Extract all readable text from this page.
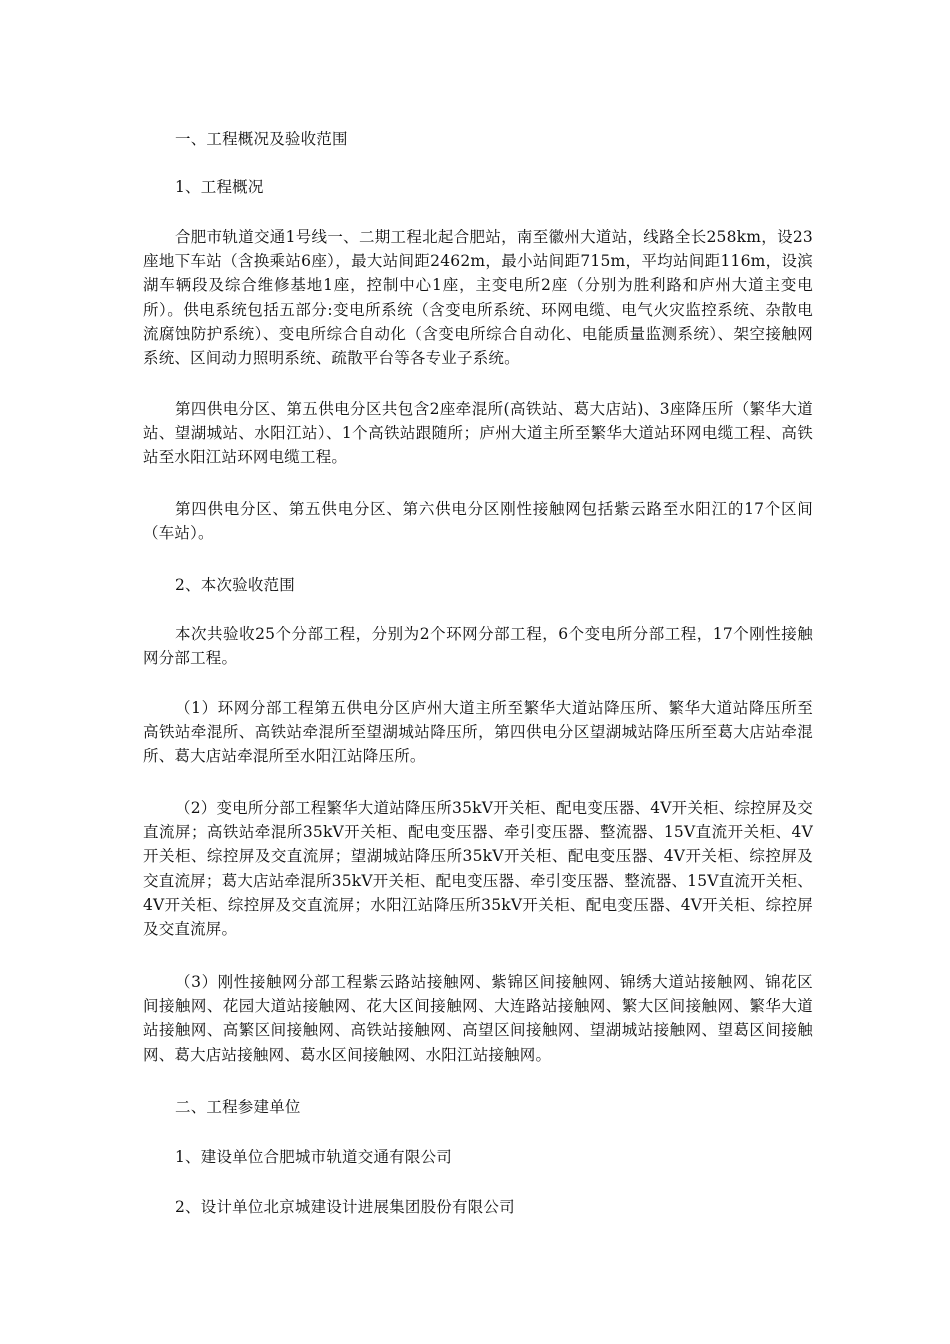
一、工程概况及验收范围

1、工程概况

合肥市轨道交通1号线一、二期工程北起合肥站，南至徽州大道站，线路全长258km，设23座地下车站（含换乘站6座），最大站间距2462m，最小站间距715m，平均站间距116m，设滨湖车辆段及综合维修基地1座，控制中心1座，主变电所2座（分别为胜利路和庐州大道主变电所）。供电系统包括五部分:变电所系统（含变电所系统、环网电缆、电气火灾监控系统、杂散电流腐蚀防护系统）、变电所综合自动化（含变电所综合自动化、电能质量监测系统）、架空接触网系统、区间动力照明系统、疏散平台等各专业子系统。

第四供电分区、第五供电分区共包含2座牵混所(高铁站、葛大店站)、3座降压所（繁华大道站、望湖城站、水阳江站）、1个高铁站跟随所；庐州大道主所至繁华大道站环网电缆工程、高铁站至水阳江站环网电缆工程。

第四供电分区、第五供电分区、第六供电分区刚性接触网包括紫云路至水阳江的17个区间（车站）。

2、本次验收范围

本次共验收25个分部工程，分别为2个环网分部工程，6个变电所分部工程，17个刚性接触网分部工程。

（1）环网分部工程第五供电分区庐州大道主所至繁华大道站降压所、繁华大道站降压所至高铁站牵混所、高铁站牵混所至望湖城站降压所，第四供电分区望湖城站降压所至葛大店站牵混所、葛大店站牵混所至水阳江站降压所。

（2）变电所分部工程繁华大道站降压所35kV开关柜、配电变压器、4V开关柜、综控屏及交直流屏；高铁站牵混所35kV开关柜、配电变压器、牵引变压器、整流器、15V直流开关柜、4V开关柜、综控屏及交直流屏；望湖城站降压所35kV开关柜、配电变压器、4V开关柜、综控屏及交直流屏；葛大店站牵混所35kV开关柜、配电变压器、牵引变压器、整流器、15V直流开关柜、4V开关柜、综控屏及交直流屏；水阳江站降压所35kV开关柜、配电变压器、4V开关柜、综控屏及交直流屏。

（3）刚性接触网分部工程紫云路站接触网、紫锦区间接触网、锦绣大道站接触网、锦花区间接触网、花园大道站接触网、花大区间接触网、大连路站接触网、繁大区间接触网、繁华大道站接触网、高繁区间接触网、高铁站接触网、高望区间接触网、望湖城站接触网、望葛区间接触网、葛大店站接触网、葛水区间接触网、水阳江站接触网。

二、工程参建单位

1、建设单位合肥城市轨道交通有限公司

2、设计单位北京城建设计进展集团股份有限公司
